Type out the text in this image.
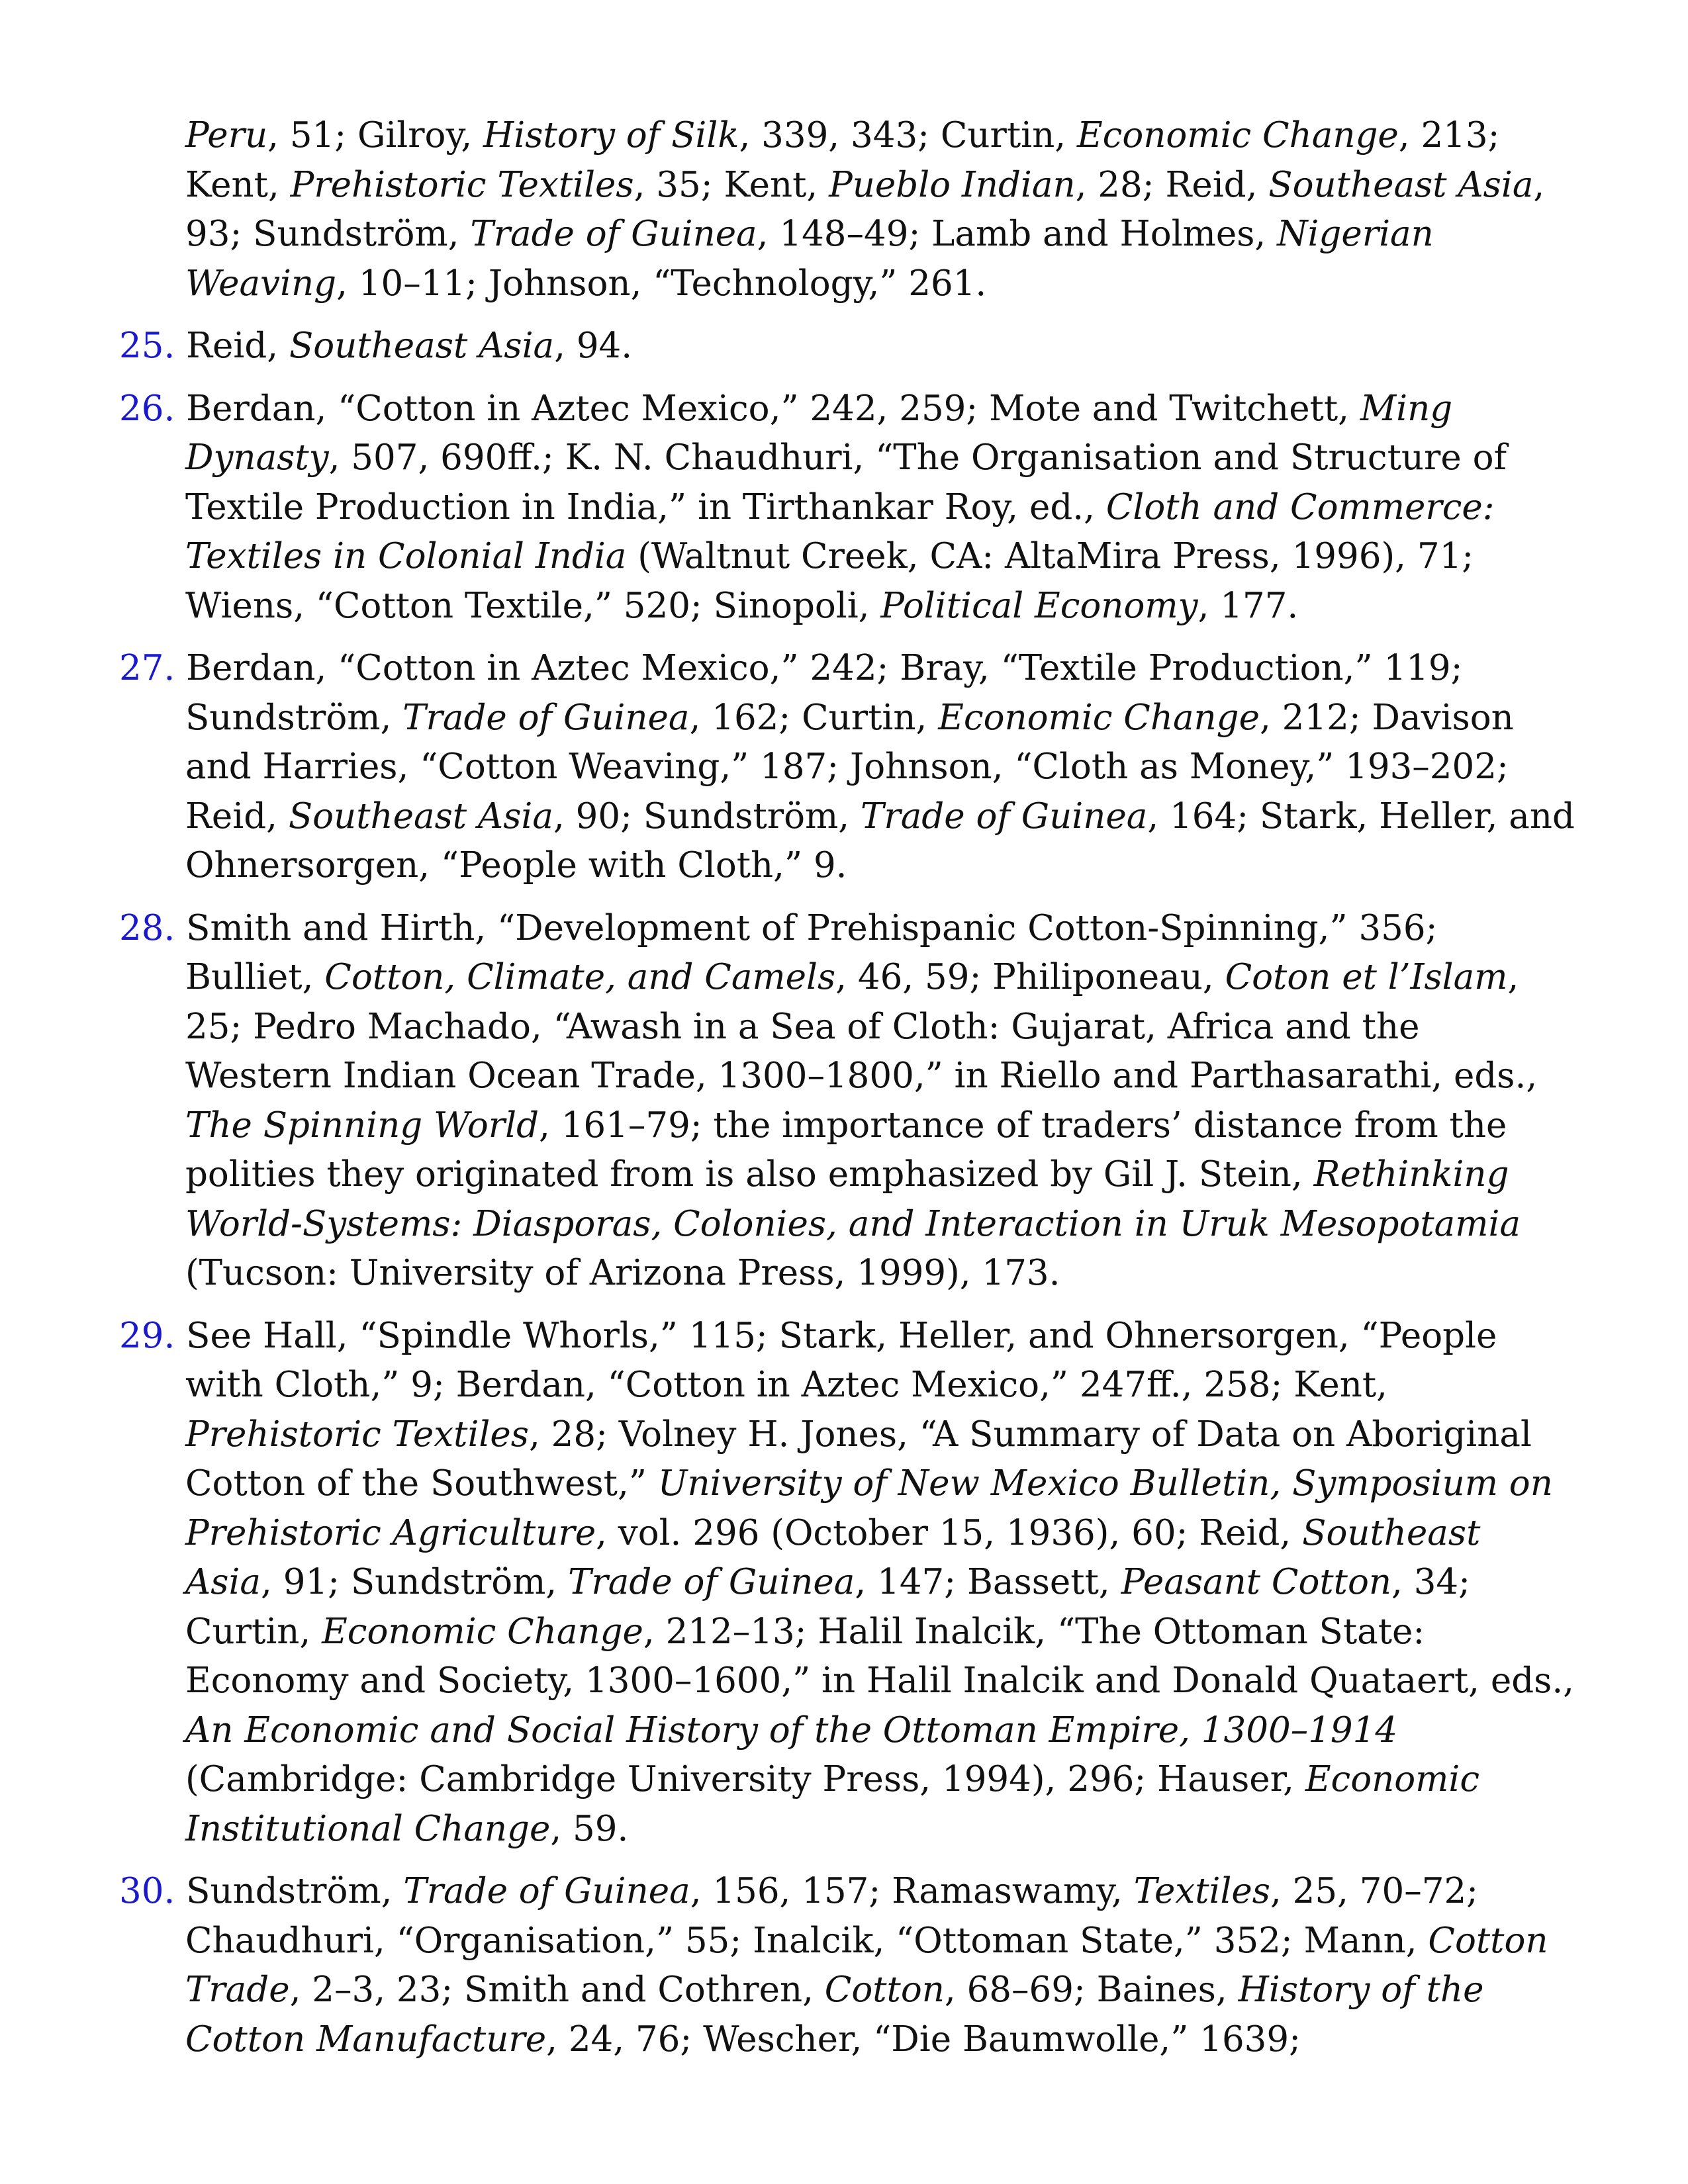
Peru, 51; Gilroy, History of Silk, 339, 343; Curtin, Economic Change, 213; Kent, Prehistoric Textiles, 35; Kent, Pueblo Indian, 28; Reid, Southeast Asia, 93; Sundström, Trade of Guinea, 148–49; Lamb and Holmes, Nigerian Weaving, 10–11; Johnson, “Technology,” 261.

25. Reid, Southeast Asia, 94.

26. Berdan, “Cotton in Aztec Mexico,” 242, 259; Mote and Twitchett, Ming Dynasty, 507, 690ff.; K. N. Chaudhuri, “The Organisation and Structure of Textile Production in India,” in Tirthankar Roy, ed., Cloth and Commerce: Textiles in Colonial India (Waltnut Creek, CA: AltaMira Press, 1996), 71; Wiens, “Cotton Textile,” 520; Sinopoli, Political Economy, 177.

27. Berdan, “Cotton in Aztec Mexico,” 242; Bray, “Textile Production,” 119; Sundström, Trade of Guinea, 162; Curtin, Economic Change, 212; Davison and Harries, “Cotton Weaving,” 187; Johnson, “Cloth as Money,” 193–202; Reid, Southeast Asia, 90; Sundström, Trade of Guinea, 164; Stark, Heller, and Ohnersorgen, “People with Cloth,” 9.

28. Smith and Hirth, “Development of Prehispanic Cotton-Spinning,” 356; Bulliet, Cotton, Climate, and Camels, 46, 59; Philiponeau, Coton et l’Islam, 25; Pedro Machado, “Awash in a Sea of Cloth: Gujarat, Africa and the Western Indian Ocean Trade, 1300–1800,” in Riello and Parthasarathi, eds., The Spinning World, 161–79; the importance of traders’ distance from the polities they originated from is also emphasized by Gil J. Stein, Rethinking World-Systems: Diasporas, Colonies, and Interaction in Uruk Mesopotamia (Tucson: University of Arizona Press, 1999), 173.

29. See Hall, “Spindle Whorls,” 115; Stark, Heller, and Ohnersorgen, “People with Cloth,” 9; Berdan, “Cotton in Aztec Mexico,” 247ff., 258; Kent, Prehistoric Textiles, 28; Volney H. Jones, “A Summary of Data on Aboriginal Cotton of the Southwest,” University of New Mexico Bulletin, Symposium on Prehistoric Agriculture, vol. 296 (October 15, 1936), 60; Reid, Southeast Asia, 91; Sundström, Trade of Guinea, 147; Bassett, Peasant Cotton, 34; Curtin, Economic Change, 212–13; Halil Inalcik, “The Ottoman State: Economy and Society, 1300–1600,” in Halil Inalcik and Donald Quataert, eds., An Economic and Social History of the Ottoman Empire, 1300–1914 (Cambridge: Cambridge University Press, 1994), 296; Hauser, Economic Institutional Change, 59.

30. Sundström, Trade of Guinea, 156, 157; Ramaswamy, Textiles, 25, 70–72; Chaudhuri, “Organisation,” 55; Inalcik, “Ottoman State,” 352; Mann, Cotton Trade, 2–3, 23; Smith and Cothren, Cotton, 68–69; Baines, History of the Cotton Manufacture, 24, 76; Wescher, “Die Baumwolle,” 1639;
